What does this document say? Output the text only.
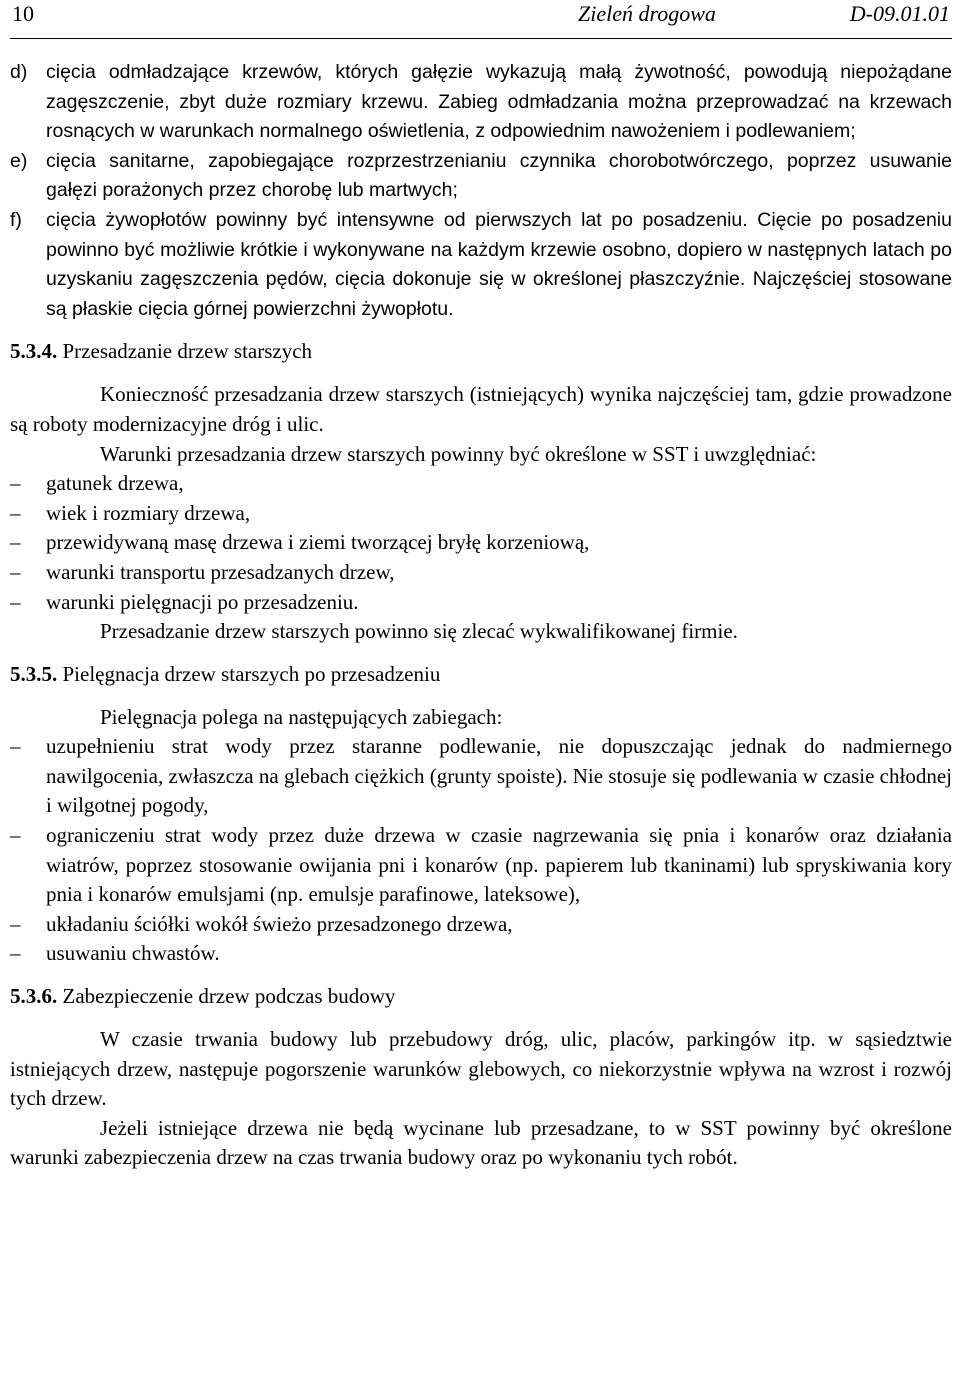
10	Zieleń drogowa	D-09.01.01
d) cięcia odmładzające krzewów, których gałęzie wykazują małą żywotność, powodują niepożądane zagęszczenie, zbyt duże rozmiary krzewu. Zabieg odmładzania można przeprowadzać na krzewach rosnących w warunkach normalnego oświetlenia, z odpowiednim nawożeniem i podlewaniem;
e) cięcia sanitarne, zapobiegające rozprzestrzenianiu czynnika chorobotwórczego, poprzez usuwanie gałęzi porażonych przez chorobę lub martwych;
f)	cięcia żywopłotów powinny być intensywne od pierwszych lat po posadzeniu. Cięcie po posadzeniu powinno być możliwie krótkie i wykonywane na każdym krzewie osobno, dopiero w następnych latach po uzyskaniu zagęszczenia pędów, cięcia dokonuje się w określonej płaszczyźnie. Najczęściej stosowane są płaskie cięcia górnej powierzchni żywopłotu.
5.3.4. Przesadzanie drzew starszych

Konieczność przesadzania drzew starszych (istniejących) wynika najczęściej tam, gdzie prowadzone są roboty modernizacyjne dróg i ulic.

Warunki przesadzania drzew starszych powinny być określone w SST i uwzględniać:

–	gatunek drzewa,
–	wiek i rozmiary drzewa,
–	przewidywaną masę drzewa i ziemi tworzącej bryłę korzeniową,
–	warunki transportu przesadzanych drzew,
–	warunki pielęgnacji po przesadzeniu.

Przesadzanie drzew starszych powinno się zlecać wykwalifikowanej firmie.

5.3.5. Pielęgnacja drzew starszych po przesadzeniu

Pielęgnacja polega na następujących zabiegach:

–	uzupełnieniu strat wody przez staranne podlewanie, nie dopuszczając jednak do nadmiernego nawilgocenia, zwłaszcza na glebach ciężkich (grunty spoiste). Nie stosuje się podlewania w czasie chłodnej i wilgotnej pogody,
–	ograniczeniu strat wody przez duże drzewa w czasie nagrzewania się pnia i konarów oraz działania wiatrów, poprzez stosowanie owijania pni i konarów (np. papierem lub tkaninami) lub spryskiwania kory pnia i konarów emulsjami (np. emulsje parafinowe, lateksowe),
–	układaniu ściółki wokół świeżo przesadzonego drzewa,
–	usuwaniu chwastów.
5.3.6. Zabezpieczenie drzew podczas budowy

W czasie trwania budowy lub przebudowy dróg, ulic, placów, parkingów itp. w sąsiedztwie istniejących drzew, następuje pogorszenie warunków glebowych, co niekorzystnie wpływa na wzrost i rozwój tych drzew.

Jeżeli istniejące drzewa nie będą wycinane lub przesadzane, to w SST powinny być określone warunki zabezpieczenia drzew na czas trwania budowy oraz po wykonaniu tych robót.
